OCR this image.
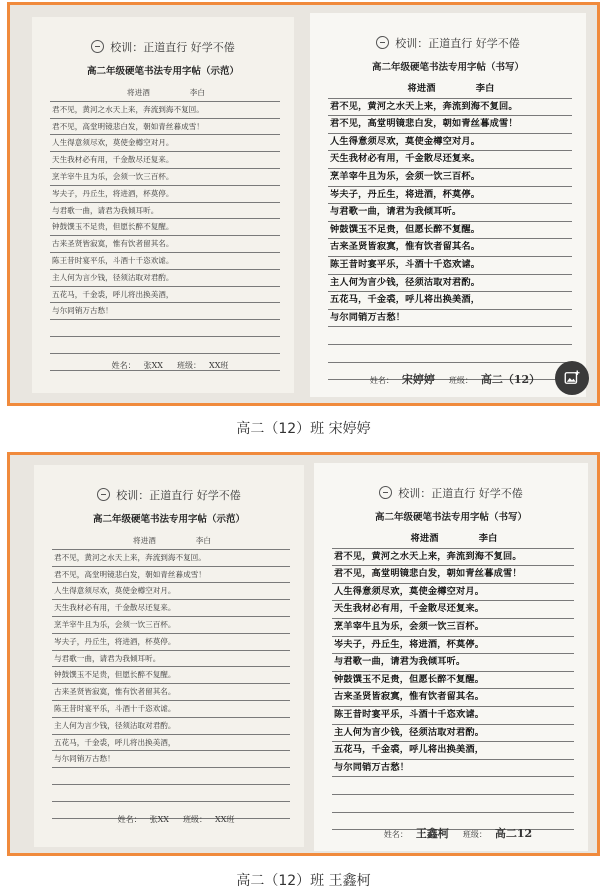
校训：正道直行 好学不倦
高二年级硬笔书法专用字帖（示范）
将进酒	李白
君不见，黄河之水天上来，奔流到海不复回。
君不见，高堂明镜悲白发，朝如青丝暮成雪！
人生得意须尽欢，莫使金樽空对月。
天生我材必有用，千金散尽还复来。
烹羊宰牛且为乐，会须一饮三百杯。
岑夫子，丹丘生，将进酒，杯莫停。
与君歌一曲，请君为我倾耳听。
钟鼓馔玉不足贵，但愿长醉不复醒。
古来圣贤皆寂寞，惟有饮者留其名。
陈王昔时宴平乐，斗酒十千恣欢谑。
主人何为言少钱，径须沽取对君酌。
五花马，千金裘，呼儿将出换美酒，
与尔同销万古愁！
姓名： 张XX 班级： XX班
校训：正道直行 好学不倦
高二年级硬笔书法专用字帖（书写）
将进酒	李白
君不见，黄河之水天上来，奔流到海不复回。
君不见，高堂明镜悲白发，朝如青丝暮成雪！
人生得意须尽欢，莫使金樽空对月。
天生我材必有用，千金散尽还复来。
烹羊宰牛且为乐，会须一饮三百杯。
岑夫子，丹丘生，将进酒，杯莫停。
与君歌一曲，请君为我倾耳听。
钟鼓馔玉不足贵，但愿长醉不复醒。
古来圣贤皆寂寞，惟有饮者留其名。
陈王昔时宴平乐，斗酒十千恣欢谑。
主人何为言少钱，径须沽取对君酌。
五花马，千金裘，呼儿将出换美酒，
与尔同销万古愁！
姓名： 宋婷婷 班级： 高二（12）
高二（12）班 宋婷婷
校训：正道直行 好学不倦
高二年级硬笔书法专用字帖（示范）
将进酒	李白
君不见，黄河之水天上来，奔流到海不复回。
君不见，高堂明镜悲白发，朝如青丝暮成雪！
人生得意须尽欢，莫使金樽空对月。
天生我材必有用，千金散尽还复来。
烹羊宰牛且为乐，会须一饮三百杯。
岑夫子，丹丘生，将进酒，杯莫停。
与君歌一曲，请君为我倾耳听。
钟鼓馔玉不足贵，但愿长醉不复醒。
古来圣贤皆寂寞，惟有饮者留其名。
陈王昔时宴平乐，斗酒十千恣欢谑。
主人何为言少钱，径须沽取对君酌。
五花马，千金裘，呼儿将出换美酒，
与尔同销万古愁！
姓名： 张XX 班级： XX班
校训：正道直行 好学不倦
高二年级硬笔书法专用字帖（书写）
将进酒	李白
君不见，黄河之水天上来，奔流到海不复回。
君不见，高堂明镜悲白发，朝如青丝暮成雪！
人生得意须尽欢，莫使金樽空对月。
天生我材必有用，千金散尽还复来。
烹羊宰牛且为乐，会须一饮三百杯。
岑夫子，丹丘生，将进酒，杯莫停。
与君歌一曲，请君为我倾耳听。
钟鼓馔玉不足贵，但愿长醉不复醒。
古来圣贤皆寂寞，惟有饮者留其名。
陈王昔时宴平乐，斗酒十千恣欢谑。
主人何为言少钱，径须沽取对君酌。
五花马，千金裘，呼儿将出换美酒，
与尔同销万古愁！
姓名： 王鑫柯 班级： 高二12
高二（12）班 王鑫柯
